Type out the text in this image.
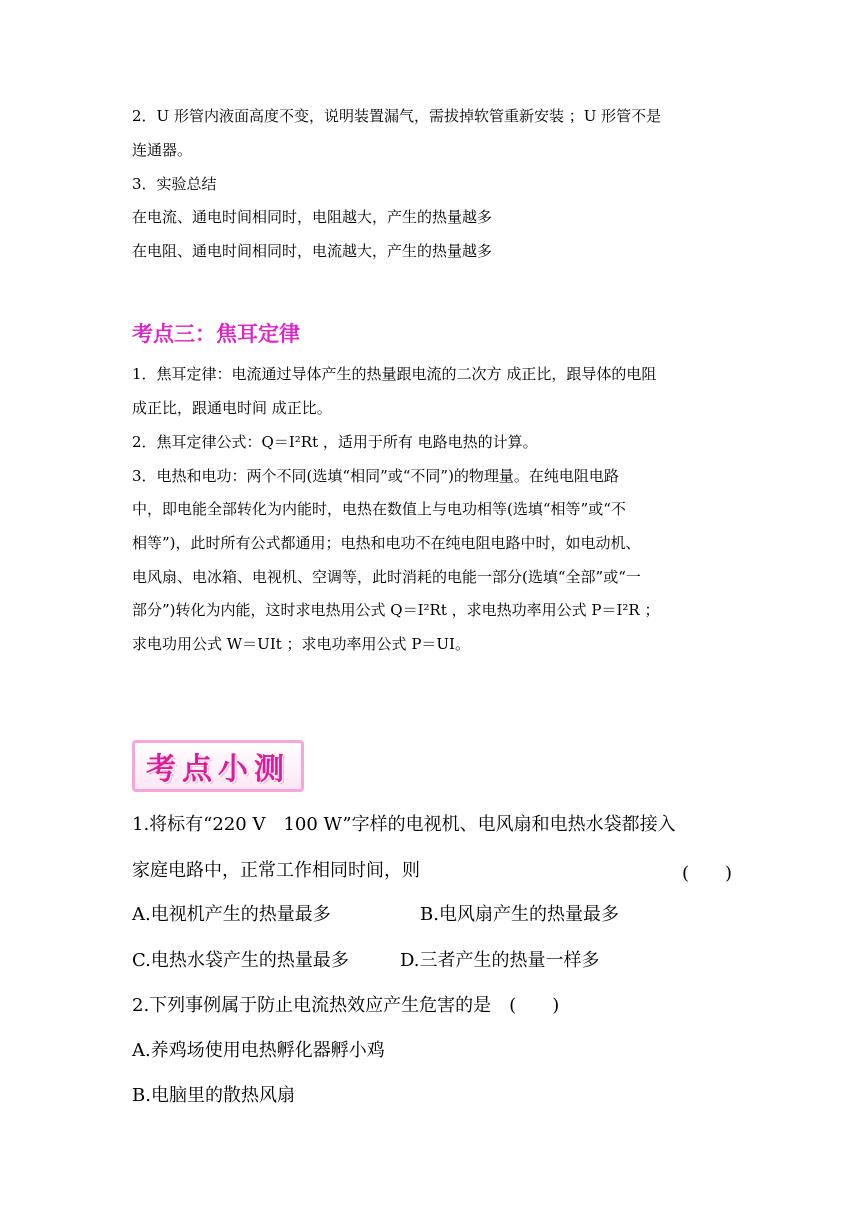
2．U 形管内液面高度不变，说明装置漏气，需拔掉软管重新安装 ；U 形管不是
连通器。
3．实验总结
在电流、通电时间相同时，电阻越大，产生的热量越多
在电阻、通电时间相同时，电流越大，产生的热量越多
考点三：焦耳定律
1．焦耳定律：电流通过导体产生的热量跟电流的二次方 成正比，跟导体的电阻
成正比，跟通电时间 成正比。
2．焦耳定律公式：Q＝I²Rt ，适用于所有 电路电热的计算。
3．电热和电功：两个不同(选填“相同”或“不同”)的物理量。在纯电阻电路
中，即电能全部转化为内能时，电热在数值上与电功相等(选填“相等”或“不
相等”)，此时所有公式都通用；电热和电功不在纯电阻电路中时，如电动机、
电风扇、电冰箱、电视机、空调等，此时消耗的电能一部分(选填“全部”或“一
部分”)转化为内能，这时求电热用公式 Q＝I²Rt ，求电热功率用公式 P＝I²R ；
求电功用公式 W＝UIt ；求电功率用公式 P＝UI。
考点小测
1.将标有“220 V　100 W”字样的电视机、电风扇和电热水袋都接入
家庭电路中，正常工作相同时间，则	(　　)
A.电视机产生的热量最多	B.电风扇产生的热量最多
C.电热水袋产生的热量最多	D.三者产生的热量一样多
2.下列事例属于防止电流热效应产生危害的是　(　　)
A.养鸡场使用电热孵化器孵小鸡
B.电脑里的散热风扇
